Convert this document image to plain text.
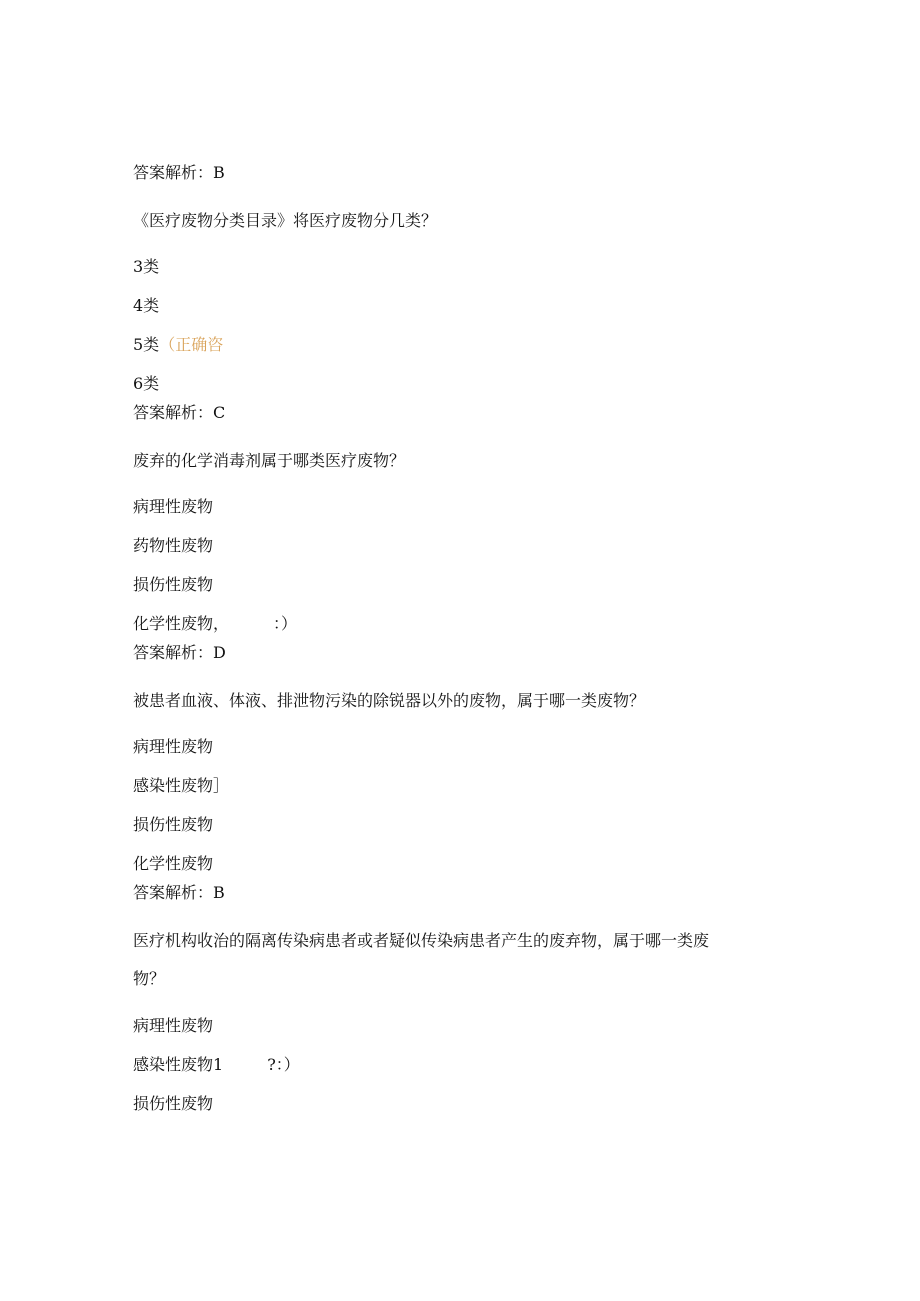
答案解析：B

《医疗废物分类目录》将医疗废物分几类？

3类

4类

5类（正确咨

6类

答案解析：C

废弃的化学消毒剂属于哪类医疗废物？

病理性废物

药物性废物

损伤性废物

化学性废物，	：）

答案解析：D

被患者血液、体液、排泄物污染的除锐器以外的废物，属于哪一类废物？

病理性废物

感染性废物］

损伤性废物

化学性废物

答案解析：B

医疗机构收治的隔离传染病患者或者疑似传染病患者产生的废弃物，属于哪一类废

物？

病理性废物

感染性废物1	?：）

损伤性废物
